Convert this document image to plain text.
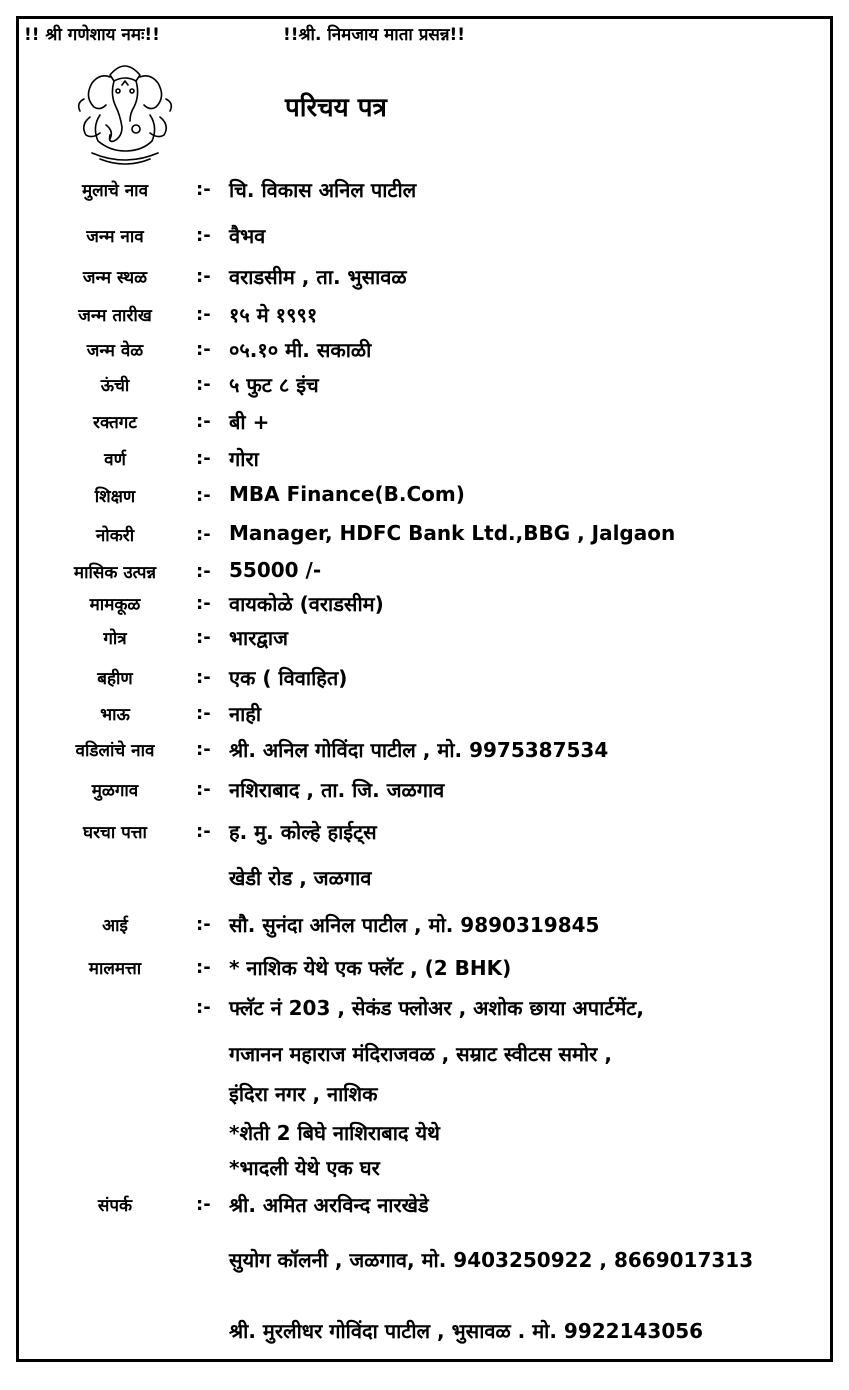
!! श्री गणेशाय नमः!!	!!श्री. निमजाय माता प्रसन्न!!
परिचय पत्र
मुलाचे नाव	:- चि. विकास अनिल पाटील
जन्म नाव	:- वैभव
जन्म स्थळ	:- वराडसीम , ता. भुसावळ
जन्म तारीख	:- १५ मे १९९१
जन्म वेळ	:- ०५.१० मी. सकाळी
ऊंची	:- ५ फुट ८ इंच
रक्तगट	:- बी +
वर्ण	:- गोरा
शिक्षण	:- MBA Finance(B.Com)
नोकरी	:- Manager, HDFC Bank Ltd.,BBG , Jalgaon
मासिक उत्पन्न	:- 55000 /-
मामकूळ	:- वायकोळे (वराडसीम)
गोत्र	:- भारद्वाज
बहीण	:- एक ( विवाहित)
भाऊ	:- नाही
वडिलांचे नाव	:- श्री. अनिल गोविंदा पाटील , मो. 9975387534
मुळगाव	:- नशिराबाद , ता. जि. जळगाव
घरचा पत्ता	:- ह. मु. कोल्हे हाईट्स
खेडी रोड , जळगाव
आई	:- सौ. सुनंदा अनिल पाटील , मो. 9890319845
मालमत्ता	:- * नाशिक येथे एक फ्लॅट , (2 BHK)
:- फ्लॅट नं 203 , सेकंड फ्लोअर , अशोक छाया अपार्टमेंट,
गजानन महाराज मंदिराजवळ , सम्राट स्वीटस समोर ,
इंदिरा नगर , नाशिक
*शेती 2 बिघे नाशिराबाद येथे
*भादली येथे एक घर
संपर्क	:- श्री. अमित अरविन्द नारखेडे
सुयोग कॉलनी , जळगाव, मो. 9403250922 , 8669017313
श्री. मुरलीधर गोविंदा पाटील , भुसावळ . मो. 9922143056
